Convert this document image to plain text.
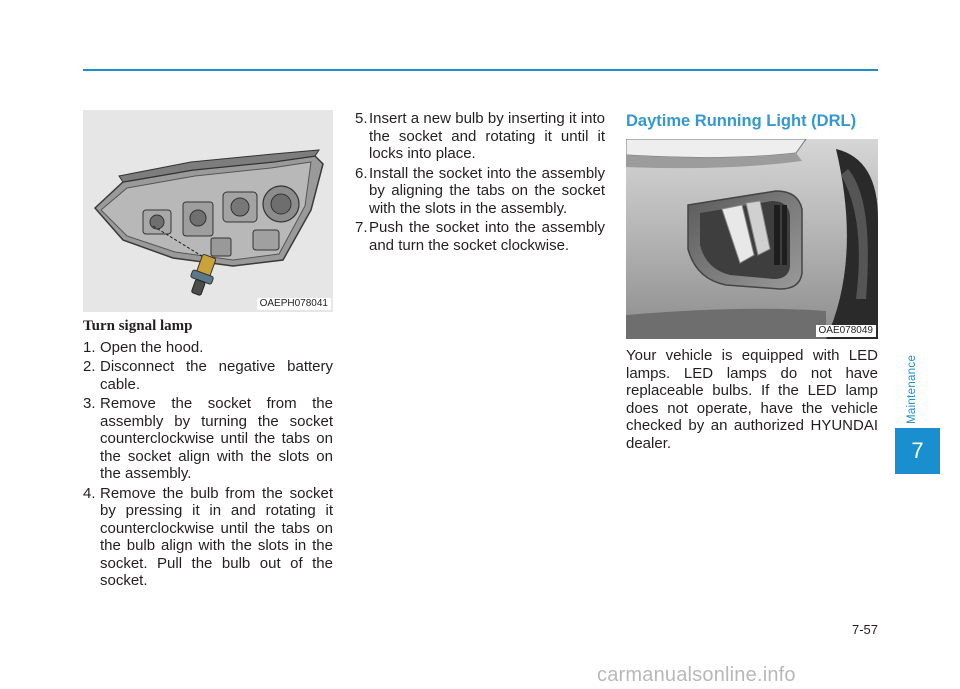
OAEPH078041
Turn signal lamp
1. Open the hood.
2. Disconnect the negative battery cable.
3. Remove the socket from the assembly by turning the socket counterclockwise until the tabs on the socket align with the slots on the assembly.
4. Remove the bulb from the socket by pressing it in and rotating it counterclockwise until the tabs on the bulb align with the slots in the socket. Pull the bulb out of the socket.
5. Insert a new bulb by inserting it into the socket and rotating it until it locks into place.
6. Install the socket into the assembly by aligning the tabs on the socket with the slots in the assembly.
7. Push the socket into the assembly and turn the socket clockwise.
Daytime Running Light (DRL)
OAE078049

Your vehicle is equipped with LED lamps. LED lamps do not have replaceable bulbs. If the LED lamp does not operate, have the vehicle checked by an authorized HYUNDAI dealer.

Maintenance
7
7-57
carmanualsonline.info
